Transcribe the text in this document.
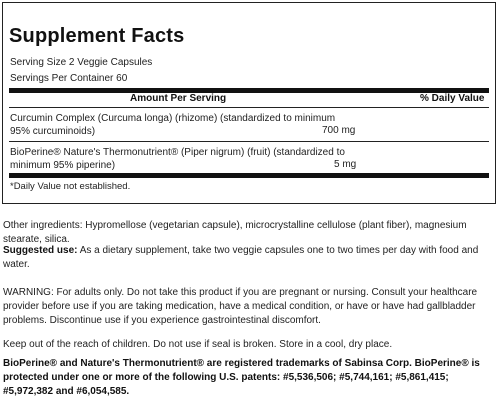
Supplement Facts
Serving Size 2 Veggie Capsules
Servings Per Container 60
Amount Per Serving	% Daily Value
Curcumin Complex (Curcuma longa) (rhizome) (standardized to minimum
95% curcuminoids)	700 mg
BioPerine® Nature's Thermonutrient® (Piper nigrum) (fruit) (standardized to
minimum 95% piperine)	5 mg
*Daily Value not established.
Other ingredients: Hypromellose (vegetarian capsule), microcrystalline cellulose (plant fiber), magnesium
stearate, silica.
Suggested use: As a dietary supplement, take two veggie capsules one to two times per day with food and
water.
WARNING: For adults only. Do not take this product if you are pregnant or nursing. Consult your healthcare
provider before use if you are taking medication, have a medical condition, or have or have had gallbladder
problems. Discontinue use if you experience gastrointestinal discomfort.
Keep out of the reach of children. Do not use if seal is broken. Store in a cool, dry place.
BioPerine® and Nature's Thermonutrient® are registered trademarks of Sabinsa Corp. BioPerine® is
protected under one or more of the following U.S. patents: #5,536,506; #5,744,161; #5,861,415;
#5,972,382 and #6,054,585.
